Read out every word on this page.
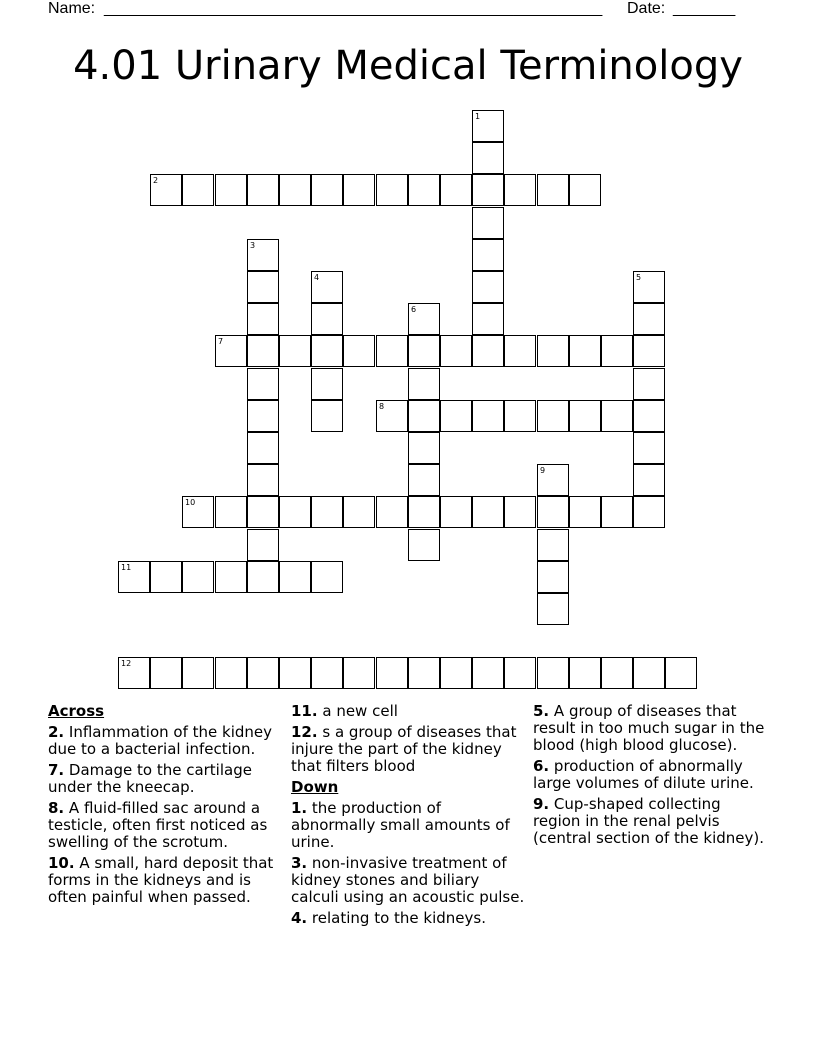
Name: ________________________________________________________ Date: _______
4.01 Urinary Medical Terminology
2
7
8
10
11
12
1
3
4	5
6
9
Across
2. Inflammation of the kidney due to a bacterial infection.
7. Damage to the cartilage under the kneecap.
8. A fluid-filled sac around a testicle, often first noticed as swelling of the scrotum.
10. A small, hard deposit that forms in the kidneys and is often painful when passed.
11. a new cell
12. s a group of diseases that injure the part of the kidney that filters blood
Down
1. the production of abnormally small amounts of urine.
3. non-invasive treatment of kidney stones and biliary calculi using an acoustic pulse.
4. relating to the kidneys.
5. A group of diseases that result in too much sugar in the blood (high blood glucose).
6. production of abnormally large volumes of dilute urine.
9. Cup-shaped collecting region in the renal pelvis (central section of the kidney).
